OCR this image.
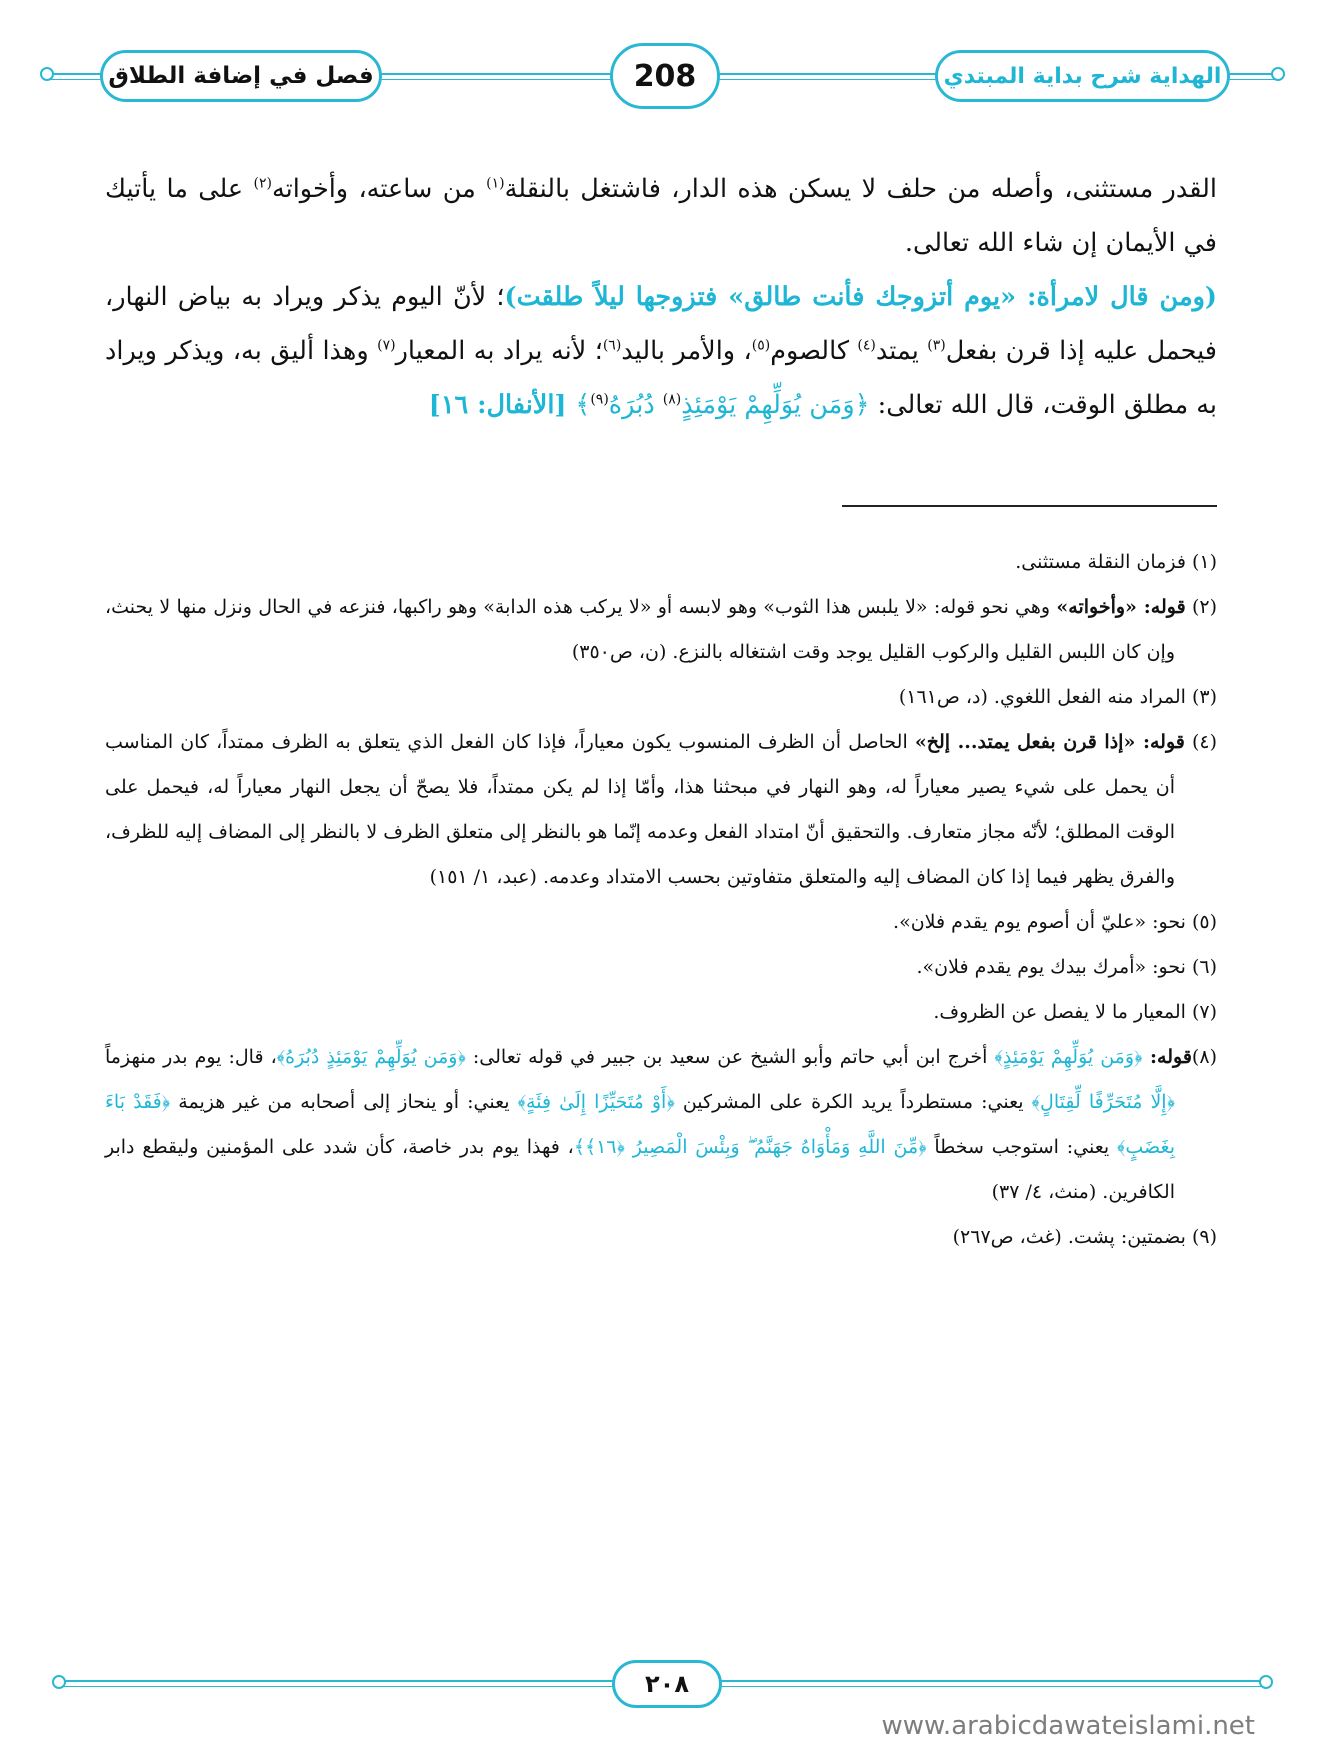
فصل في إضافة الطلاق	208	الهداية شرح بداية المبتدي

القدر مستثنى، وأصله من حلف لا يسكن هذه الدار، فاشتغل بالنقلة$^{(١)}$ من ساعته، وأخواته$^{(٢)}$ على ما يأتيك في الأيمان إن شاء الله تعالى.

(ومن قال لامرأة: «يوم أتزوجك فأنت طالق» فتزوجها ليلاً طلقت)؛ لأنّ اليوم يذكر ويراد به بياض النهار، فيحمل عليه إذا قرن بفعل$^{(٣)}$ يمتد$^{(٤)}$ كالصوم$^{(٥)}$، والأمر باليد$^{(٦)}$؛ لأنه يراد به المعيار$^{(٧)}$ وهذا أليق به، ويذكر ويراد به مطلق الوقت، قال الله تعالى: ﴿وَمَن يُوَلِّهِمْ يَوْمَئِذٍ$^{(٨)}$ دُبُرَهُ$^{(٩)}$﴾ [الأنفال: ١٦]

(١) فزمان النقلة مستثنى.

(٢) قوله: «وأخواته» وهي نحو قوله: «لا يلبس هذا الثوب» وهو لابسه أو «لا يركب هذه الدابة» وهو راكبها، فنزعه في الحال ونزل منها لا يحنث، وإن كان اللبس القليل والركوب القليل يوجد وقت اشتغاله بالنزع. (ن، ص٣٥٠)

(٣) المراد منه الفعل اللغوي. (د، ص١٦١)

(٤) قوله: «إذا قرن بفعل يمتد... إلخ» الحاصل أن الظرف المنسوب يكون معياراً، فإذا كان الفعل الذي يتعلق به الظرف ممتداً، كان المناسب أن يحمل على شيء يصير معياراً له، وهو النهار في مبحثنا هذا، وأمّا إذا لم يكن ممتداً، فلا يصحّ أن يجعل النهار معياراً له، فيحمل على الوقت المطلق؛ لأنّه مجاز متعارف. والتحقيق أنّ امتداد الفعل وعدمه إنّما هو بالنظر إلى متعلق الظرف لا بالنظر إلى المضاف إليه للظرف، والفرق يظهر فيما إذا كان المضاف إليه والمتعلق متفاوتين بحسب الامتداد وعدمه. (عبد، ١/ ١٥١)

(٥) نحو: «عليّ أن أصوم يوم يقدم فلان».

(٦) نحو: «أمرك بيدك يوم يقدم فلان».

(٧) المعيار ما لا يفصل عن الظروف.

(٨)قوله: ﴿وَمَن يُوَلِّهِمْ يَوْمَئِذٍ﴾ أخرج ابن أبي حاتم وأبو الشيخ عن سعيد بن جبير في قوله تعالى: ﴿وَمَن يُوَلِّهِمْ يَوْمَئِذٍ دُبُرَهُ﴾، قال: يوم بدر منهزماً ﴿إِلَّا مُتَحَرِّفًا لِّقِتَالٍ﴾ يعني: مستطرداً يريد الكرة على المشركين ﴿أَوْ مُتَحَيِّزًا إِلَىٰ فِئَةٍ﴾ يعني: أو ينحاز إلى أصحابه من غير هزيمة ﴿فَقَدْ بَاءَ بِغَضَبٍ﴾ يعني: استوجب سخطاً ﴿مِّنَ اللَّهِ وَمَأْوَاهُ جَهَنَّمُ ۖ وَبِئْسَ الْمَصِيرُ ﴿١٦﴾﴾، فهذا يوم بدر خاصة، كأن شدد على المؤمنين وليقطع دابر الكافرين. (منث، ٤/ ٣٧)

(٩) بضمتين: پشت. (غث، ص٢٦٧)

٢٠٨
www.arabicdawateislami.net
